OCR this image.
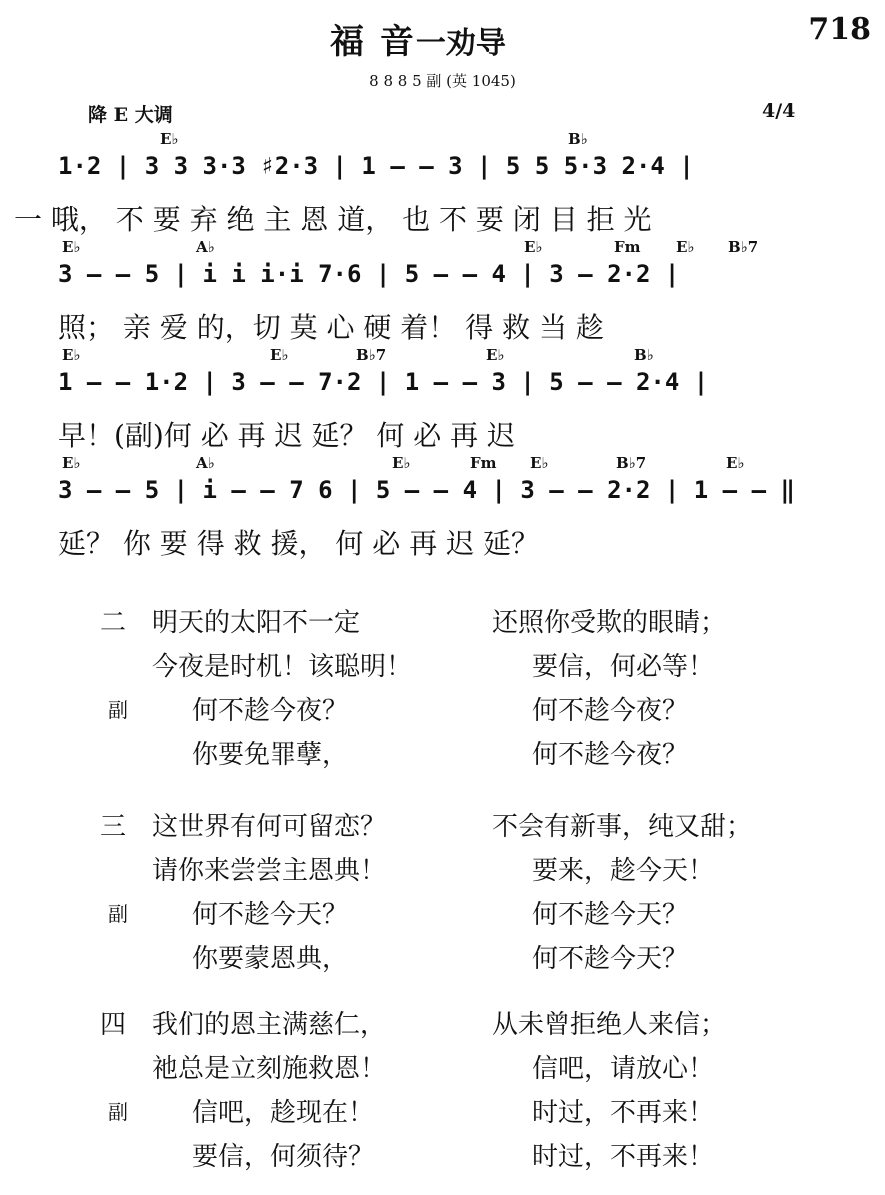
福 音一劝导	718
8 8 8 5 副 (英 1045)
降 E 大调	4/4
E♭	B♭
1·2 | 3 3 3·3 ♯2·3 | 1 — — 3 | 5 5 5·3 2·4 |
一 哦， 不 要 弃 绝 主 恩 道， 也 不 要 闭 目 拒 光
E♭	A♭	E♭	Fm E♭ B♭7
3 — — 5 | i i i·i 7·6 | 5 — — 4 | 3 — 2·2 |
照； 亲 爱 的，切 莫 心 硬 着！ 得 救 当 趁
E♭	E♭	B♭7	E♭	B♭
1 — — 1·2 | 3 — — 7·2 | 1 — — 3 | 5 — — 2·4 |
早！(副)何 必 再 迟 延？ 何 必 再 迟
E♭	A♭	E♭	Fm E♭	B♭7	E♭
3 — — 5 | i — — 7 6 | 5 — — 4 | 3 — — 2·2 | 1 — — ‖
延？ 你 要 得 救 援， 何 必 再 迟 延？
二 明天的太阳不一定	还照你受欺的眼睛；
今夜是时机！该聪明！	要信，何必等！
副 何不趁今夜？	何不趁今夜？
你要免罪孽，	何不趁今夜？
三 这世界有何可留恋？	不会有新事，纯又甜；
请你来尝尝主恩典！	要来，趁今天！
副 何不趁今天？	何不趁今天？
你要蒙恩典，	何不趁今天？
四 我们的恩主满慈仁，	从未曾拒绝人来信；
祂总是立刻施救恩！	信吧，请放心！
副 信吧，趁现在！	时过，不再来！
要信，何须待？	时过，不再来！
